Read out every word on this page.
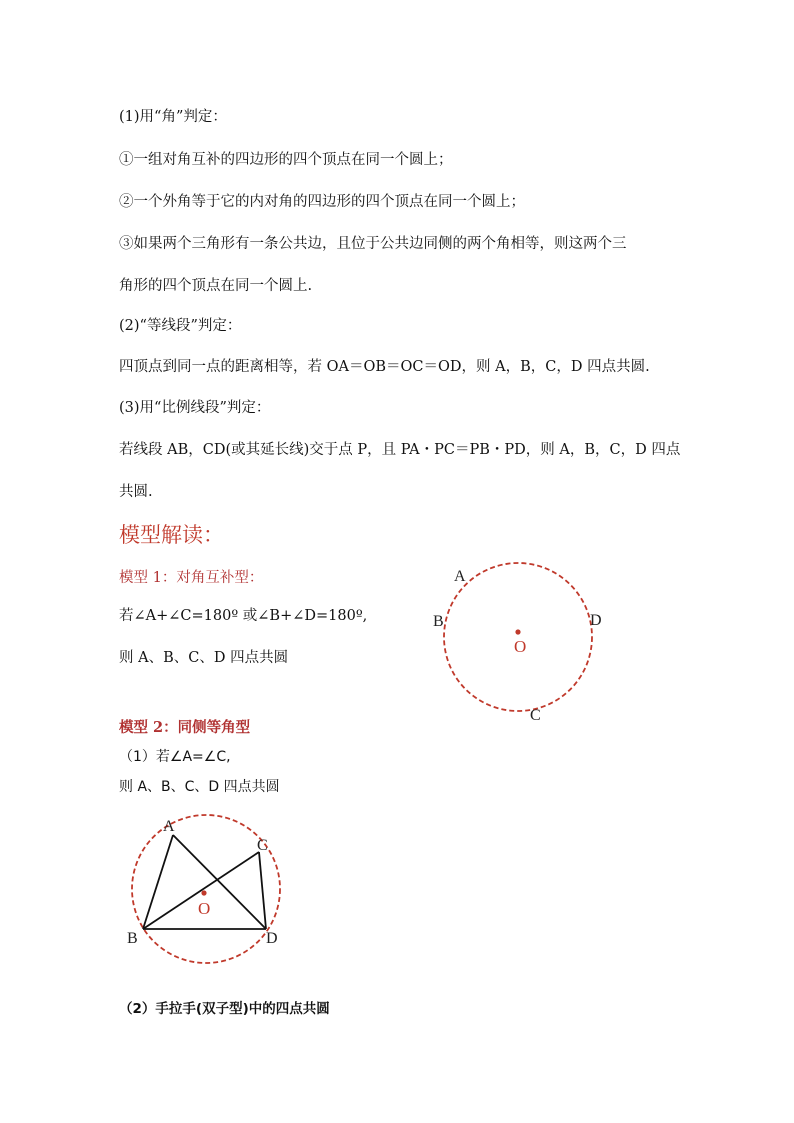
(1)用“角”判定：
①一组对角互补的四边形的四个顶点在同一个圆上；
②一个外角等于它的内对角的四边形的四个顶点在同一个圆上；
③如果两个三角形有一条公共边，且位于公共边同侧的两个角相等，则这两个三
角形的四个顶点在同一个圆上.
(2)“等线段”判定：
四顶点到同一点的距离相等，若 OA＝OB＝OC＝OD，则 A，B，C，D 四点共圆.
(3)用“比例线段”判定：
若线段 AB，CD(或其延长线)交于点 P，且 PA・PC＝PB・PD，则 A，B，C，D 四点
共圆.
模型解读：
模型 1：对角互补型：
若∠A+∠C=180º 或∠B+∠D=180º,
则 A、B、C、D 四点共圆
A
B	D
C
O
模型 2：同侧等角型
（1）若∠A=∠C,
则 A、B、C、D 四点共圆
A
C
B	D
O
（2）手拉手(双子型)中的四点共圆
